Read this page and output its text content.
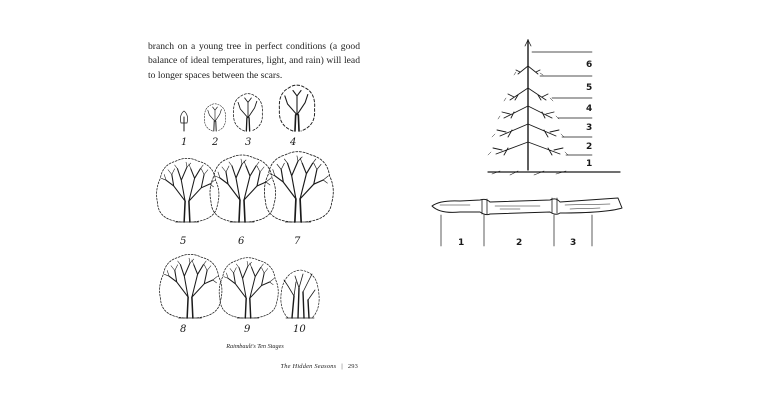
branch on a young tree in perfect conditions (a good balance of ideal temperatures, light, and rain) will lead to longer spaces between the scars.

1 2	3	4
5	6	7
8	9	10
Raimbault's Ten Stages
The Hidden Seasons | 293
6
5
4
3
2
1
1	2	3
